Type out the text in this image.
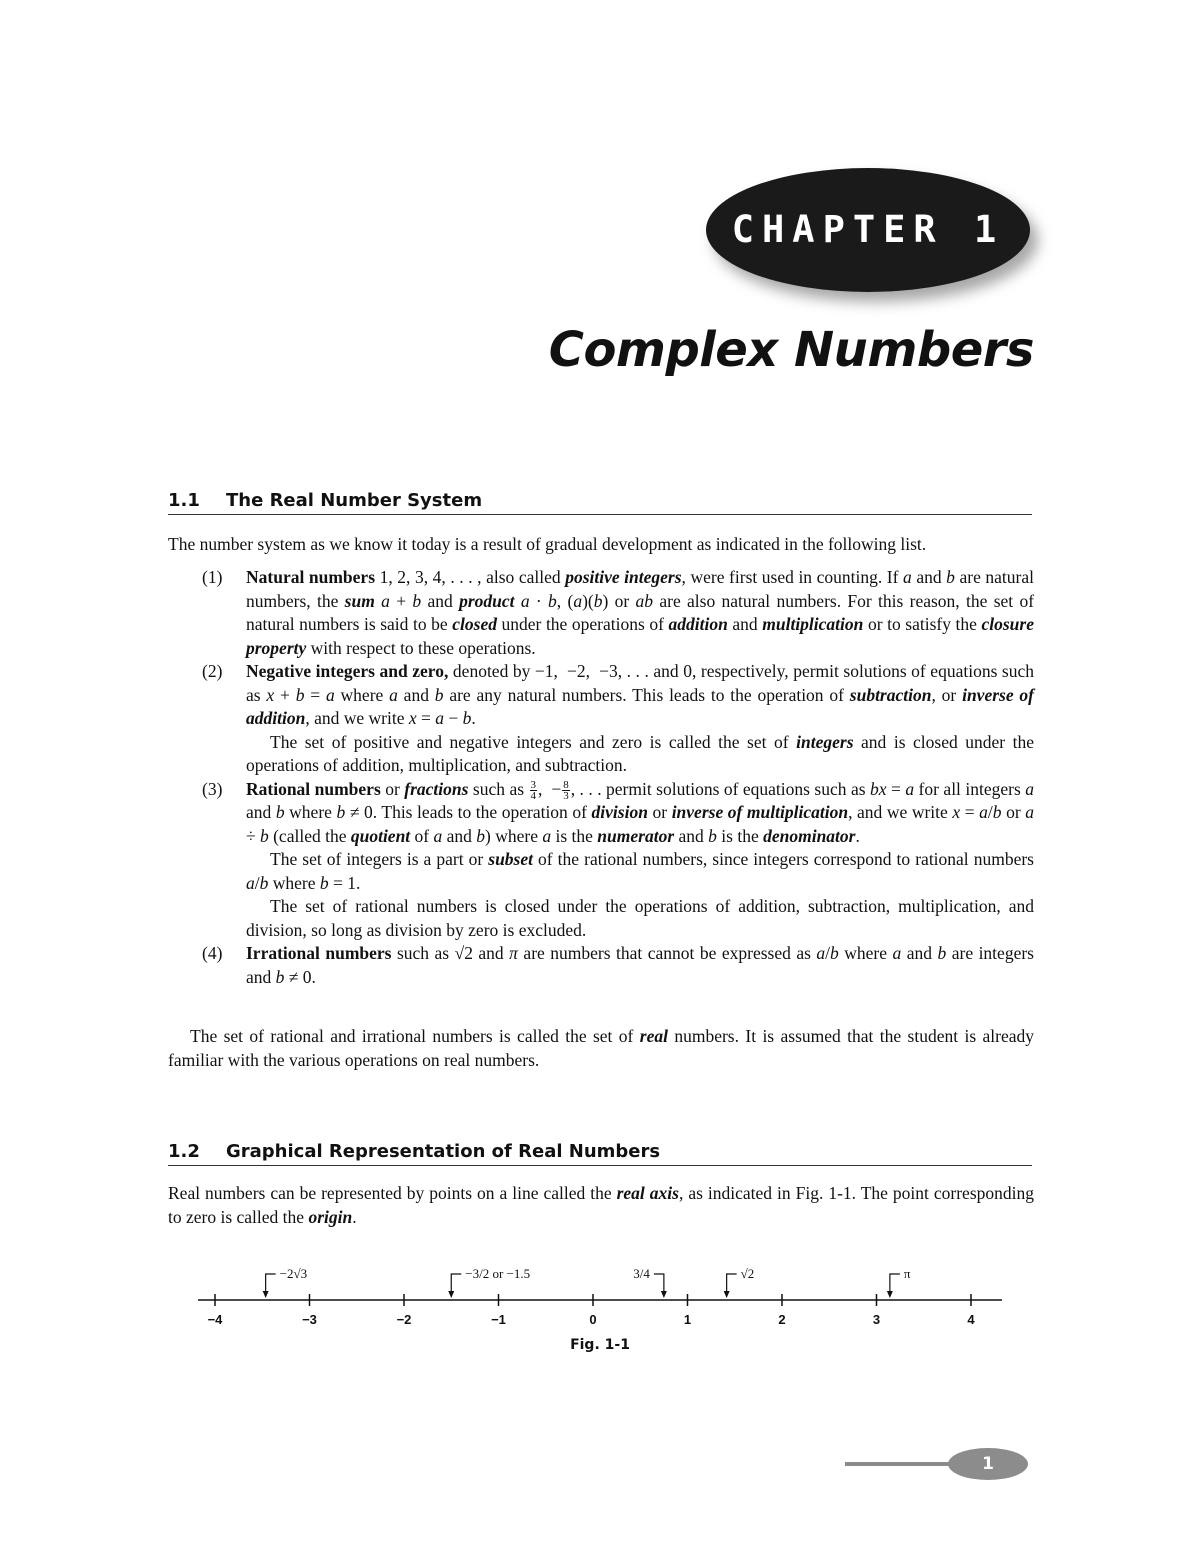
CHAPTER 1
Complex Numbers
1.1 The Real Number System

The number system as we know it today is a result of gradual development as indicated in the following list.

(1) Natural numbers 1, 2, 3, 4, . . . , also called positive integers, were first used in counting. If a and b are natural numbers, the sum a + b and product a · b, (a)(b) or ab are also natural numbers. For this reason, the set of natural numbers is said to be closed under the operations of addition and multiplication or to satisfy the closure property with respect to these operations.

(2) Negative integers and zero, denoted by −1,  −2,  −3, . . . and 0, respectively, permit solutions of equations such as x + b = a where a and b are any natural numbers. This leads to the operation of subtraction, or inverse of addition, and we write x = a − b.

The set of positive and negative integers and zero is called the set of integers and is closed under the operations of addition, multiplication, and subtraction.

(3) Rational numbers or fractions such as $\frac{3}{4}$ ,  − $\frac{8}{3}$ , . . . permit solutions of equations such as bx = a for all integers a and b where b ≠ 0. This leads to the operation of division or inverse of multiplication, and we write x = a/b or a ÷ b (called the quotient of a and b) where a is the numerator and b is the denominator.

The set of integers is a part or subset of the rational numbers, since integers correspond to rational numbers a/b where b = 1.

The set of rational numbers is closed under the operations of addition, subtraction, multiplication, and division, so long as division by zero is excluded.

(4) Irrational numbers such as √2 and π are numbers that cannot be expressed as a/b where a and b are integers and b ≠ 0.

The set of rational and irrational numbers is called the set of real numbers. It is assumed that the student is already familiar with the various operations on real numbers.

1.2 Graphical Representation of Real Numbers

Real numbers can be represented by points on a line called the real axis, as indicated in Fig. 1-1. The point corresponding to zero is called the origin.

−4	−3	−2	−1	0	1	2	3	4
−2√3	−3/2 or −1.5	3/4	√2	π
Fig. 1-1
1
